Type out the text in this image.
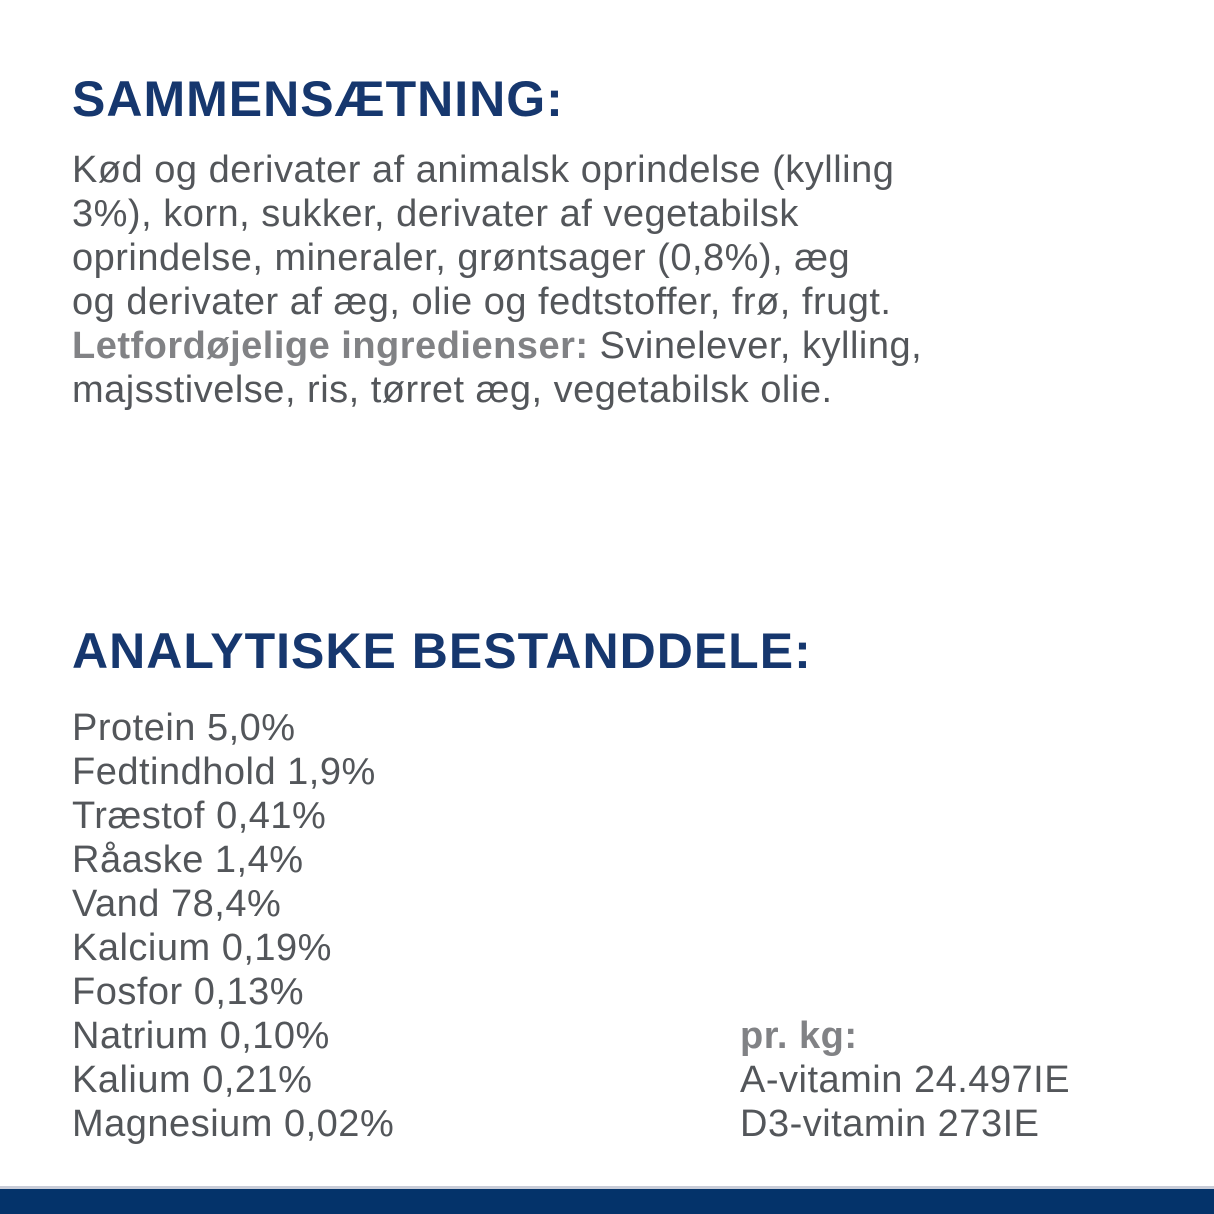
SAMMENSÆTNING:
Kød og derivater af animalsk oprindelse (kylling
3%), korn, sukker, derivater af vegetabilsk
oprindelse, mineraler, grøntsager (0,8%), æg
og derivater af æg, olie og fedtstoffer, frø, frugt.
Letfordøjelige ingredienser: Svinelever, kylling,
majsstivelse, ris, tørret æg, vegetabilsk olie.
ANALYTISKE BESTANDDELE:
Protein 5,0%
Fedtindhold 1,9%
Træstof 0,41%
Råaske 1,4%
Vand 78,4%
Kalcium 0,19%
Fosfor 0,13%
Natrium 0,10%
Kalium 0,21%
Magnesium 0,02%
pr. kg:
A-vitamin 24.497IE
D3-vitamin 273IE
